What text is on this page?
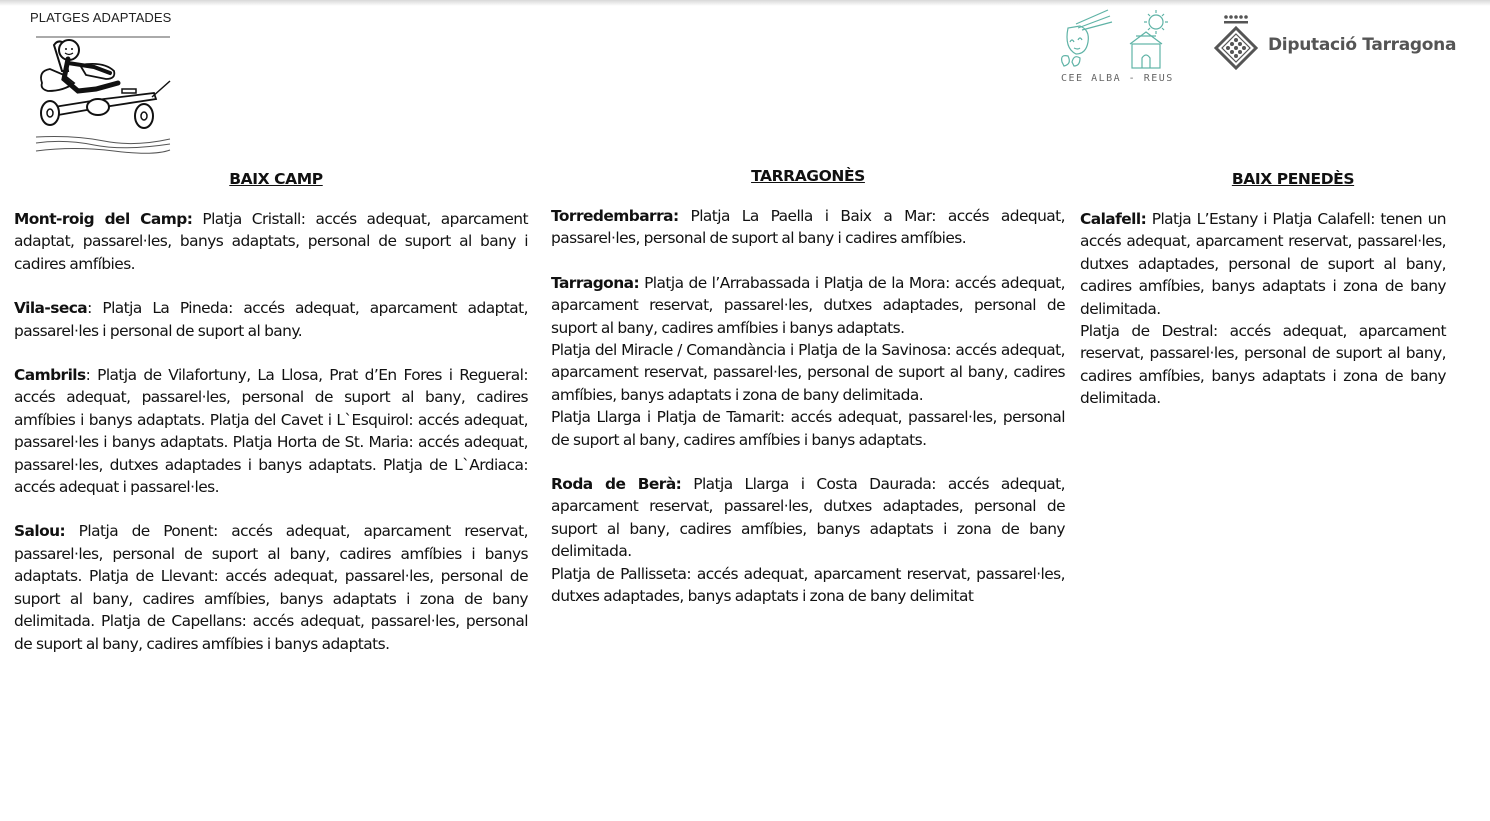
PLATGES ADAPTADES
CEE ALBA - REUS
Diputació Tarragona
BAIX CAMP

Mont-roig del Camp: Platja Cristall: accés adequat, aparcament adaptat, passarel·les, banys adaptats, personal de suport al bany i cadires amfíbies.

Vila-seca: Platja La Pineda: accés adequat, aparcament adaptat, passarel·les i personal de suport al bany.

Cambrils: Platja de Vilafortuny, La Llosa, Prat d’En Fores i Regueral: accés adequat, passarel·les, personal de suport al bany, cadires amfíbies i banys adaptats. Platja del Cavet i L`Esquirol: accés adequat, passarel·les i banys adaptats. Platja Horta de St. Maria: accés adequat, passarel·les, dutxes adaptades i banys adaptats. Platja de L`Ardiaca: accés adequat i passarel·les.

Salou: Platja de Ponent: accés adequat, aparcament reservat, passarel·les, personal de suport al bany, cadires amfíbies i banys adaptats. Platja de Llevant: accés adequat, passarel·les, personal de suport al bany, cadires amfíbies, banys adaptats i zona de bany delimitada. Platja de Capellans: accés adequat, passarel·les, personal de suport al bany, cadires amfíbies i banys adaptats.

TARRAGONÈS

Torredembarra: Platja La Paella i Baix a Mar: accés adequat, passarel·les, personal de suport al bany i cadires amfíbies.

Tarragona: Platja de l’Arrabassada i Platja de la Mora: accés adequat, aparcament reservat, passarel·les, dutxes adaptades, personal de suport al bany, cadires amfíbies i banys adaptats.

Platja del Miracle / Comandància i Platja de la Savinosa: accés adequat, aparcament reservat, passarel·les, personal de suport al bany, cadires amfíbies, banys adaptats i zona de bany delimitada.

Platja Llarga i Platja de Tamarit: accés adequat, passarel·les, personal de suport al bany, cadires amfíbies i banys adaptats.

Roda de Berà: Platja Llarga i Costa Daurada: accés adequat, aparcament reservat, passarel·les, dutxes adaptades, personal de suport al bany, cadires amfíbies, banys adaptats i zona de bany delimitada.

Platja de Pallisseta: accés adequat, aparcament reservat, passarel·les, dutxes adaptades, banys adaptats i zona de bany delimitat

BAIX PENEDÈS

Calafell: Platja L’Estany i Platja Calafell: tenen un accés adequat, aparcament reservat, passarel·les, dutxes adaptades, personal de suport al bany, cadires amfíbies, banys adaptats i zona de bany delimitada.

Platja de Destral: accés adequat, aparcament reservat, passarel·les, personal de suport al bany, cadires amfíbies, banys adaptats i zona de bany delimitada.
